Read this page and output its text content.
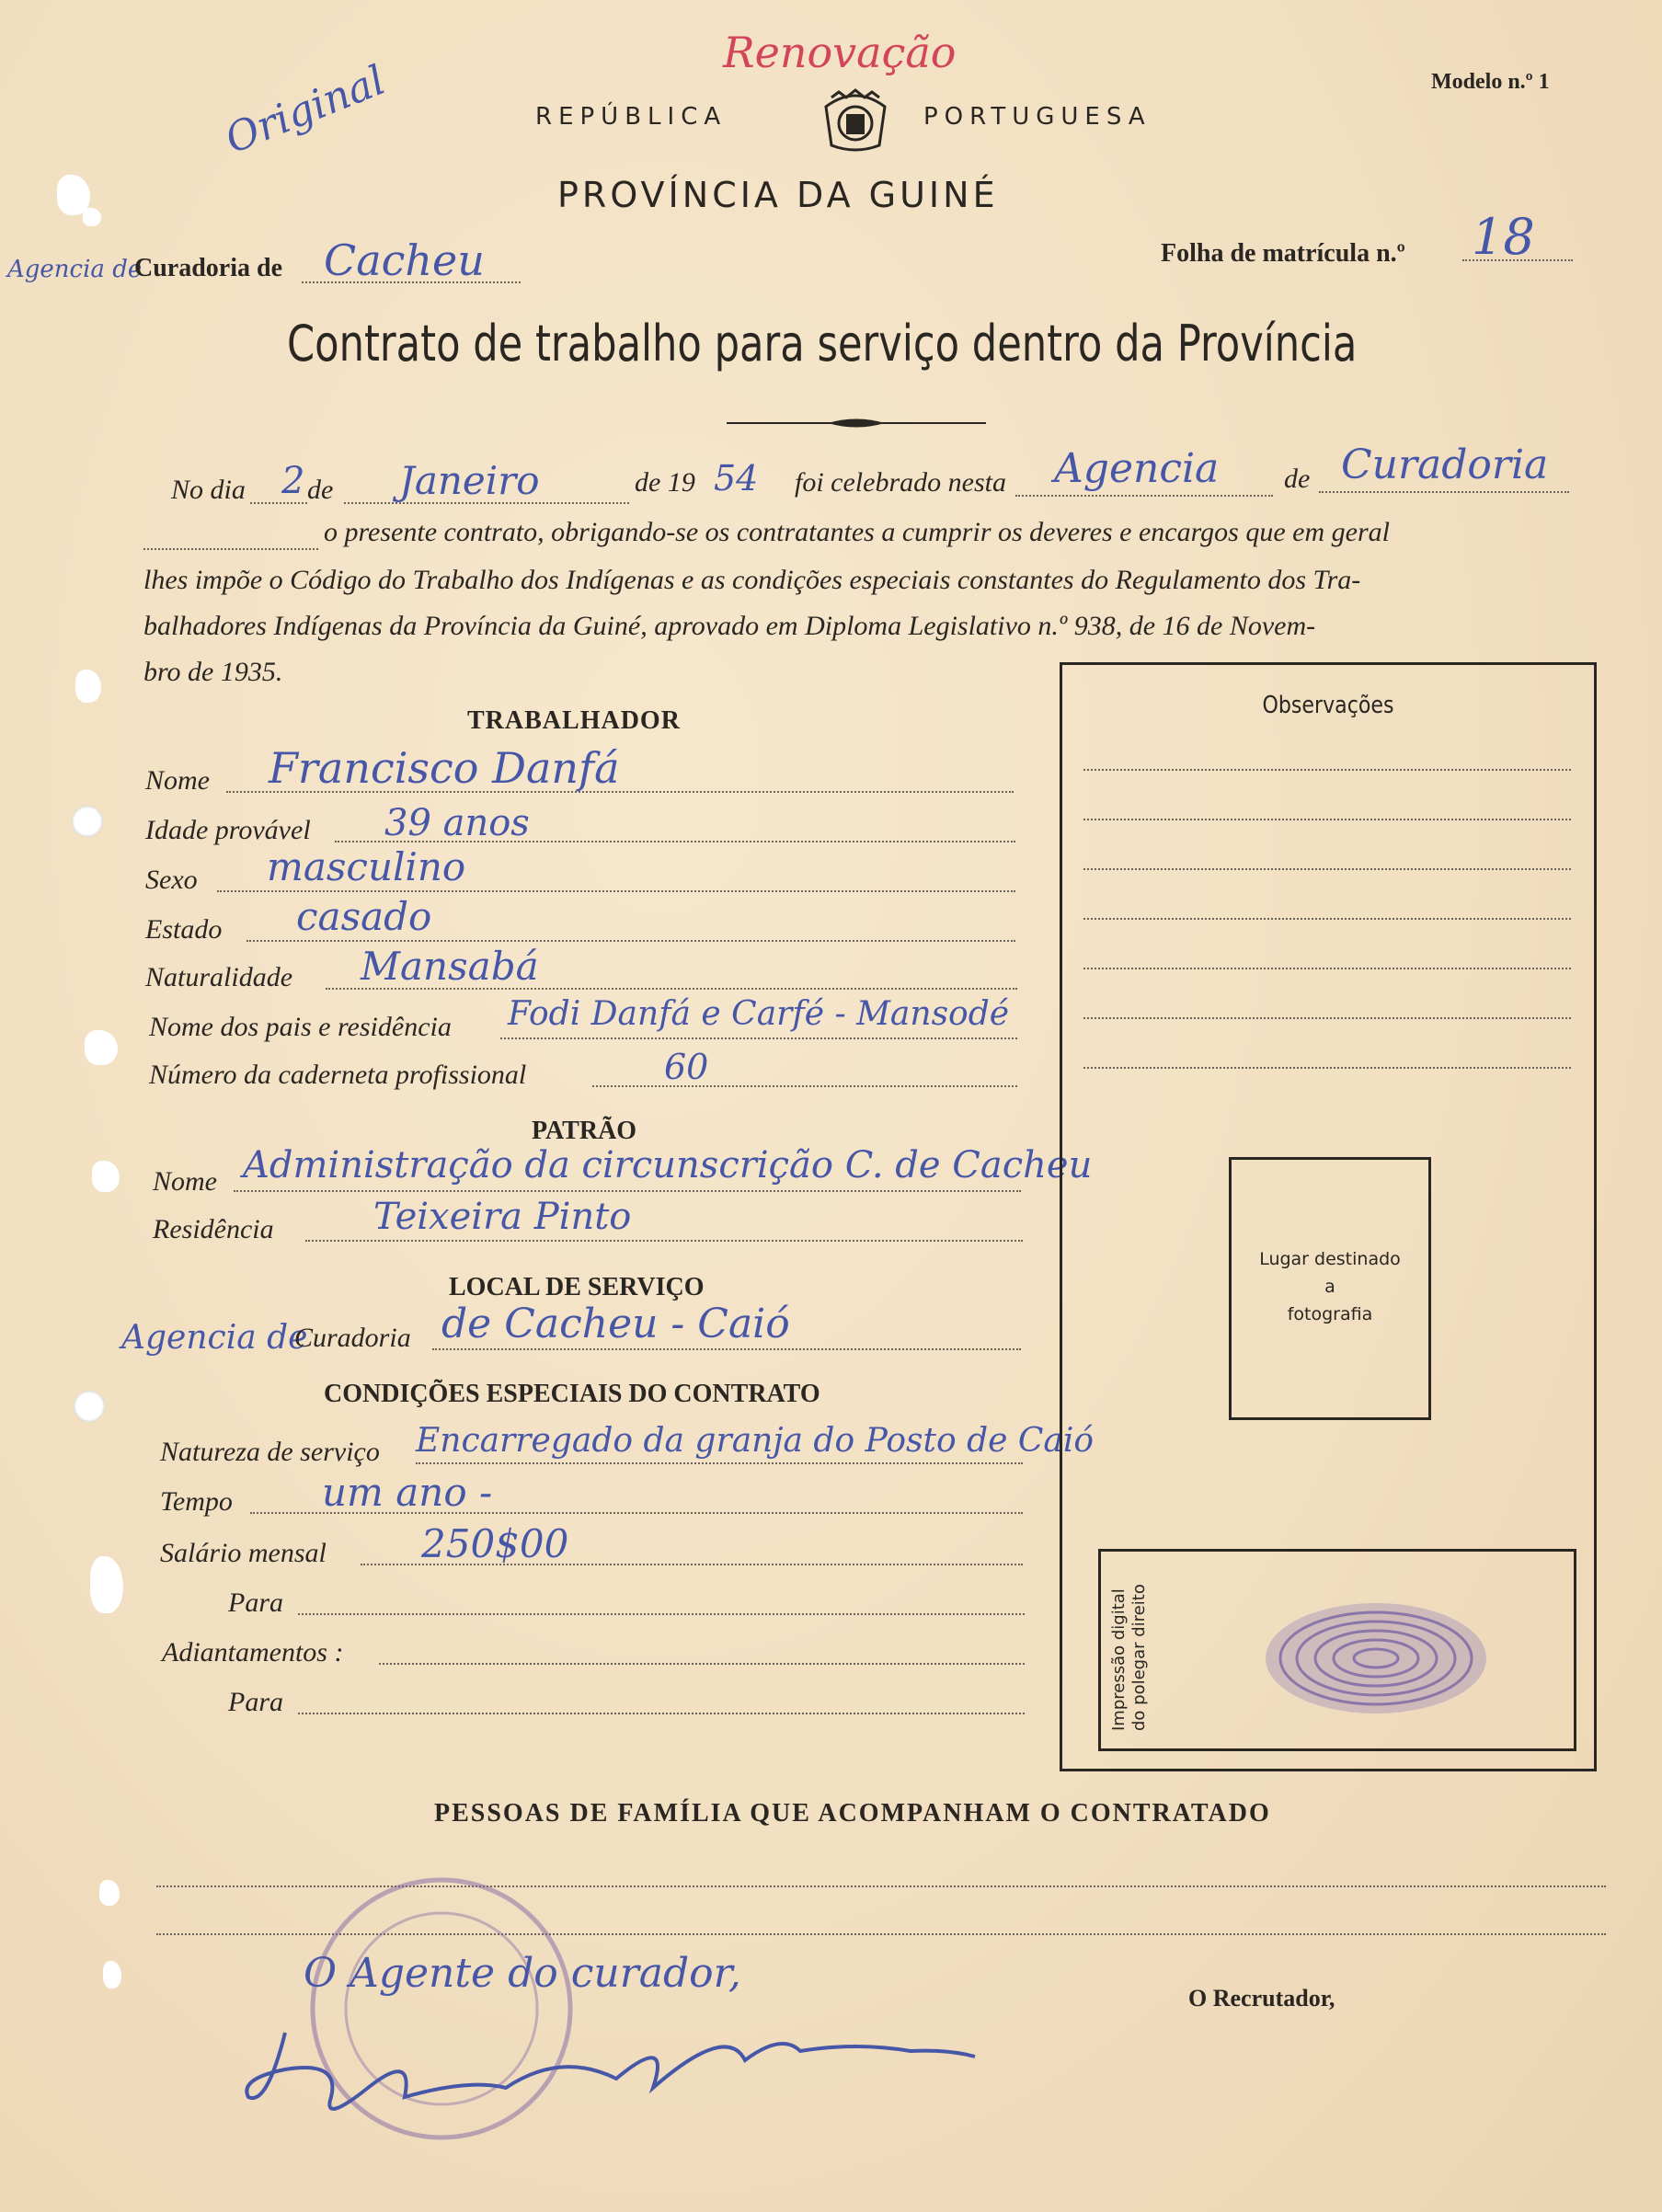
Renovação
Original	Modelo n.º 1
REPÚBLICA	PORTUGUESA
PROVÍNCIA DA GUINÉ
Agencia de
Curadoria de Cacheu	Folha de matrícula n.º 18
Contrato de trabalho para serviço dentro da Província
No dia 2 de Janeiro	de 19 54 foi celebrado nesta Agencia de Curadoria
o presente contrato, obrigando-se os contratantes a cumprir os deveres e encargos que em geral
lhes impõe o Código do Trabalho dos Indígenas e as condições especiais constantes do Regulamento dos Tra-
balhadores Indígenas da Província da Guiné, aprovado em Diploma Legislativo n.º 938, de 16 de Novem-
bro de 1935.
TRABALHADOR
Nome Francisco Danfá
Idade provável 39 anos
Sexo masculino
Estado casado
Naturalidade Mansabá
Nome dos pais e residência Fodi Danfá e Carfé - Mansodé
Número da caderneta profissional	60
PATRÃO
Nome Administração da circunscrição C. de Cacheu
Residência	Teixeira Pinto
LOCAL DE SERVIÇO
Agencia de
Curadoria de Cacheu - Caió
CONDIÇÕES ESPECIAIS DO CONTRATO
Natureza de serviço Encarregado da granja do Posto de Caió
Tempo um ano -
Salário mensal 250$00
Para
Adiantamentos :
Para
Observações
Lugar destinado
a
fotografia
Impressão digital do polegar direito
PESSOAS DE FAMÍLIA QUE ACOMPANHAM O CONTRATADO
O Agente do curador,
O Recrutador,
